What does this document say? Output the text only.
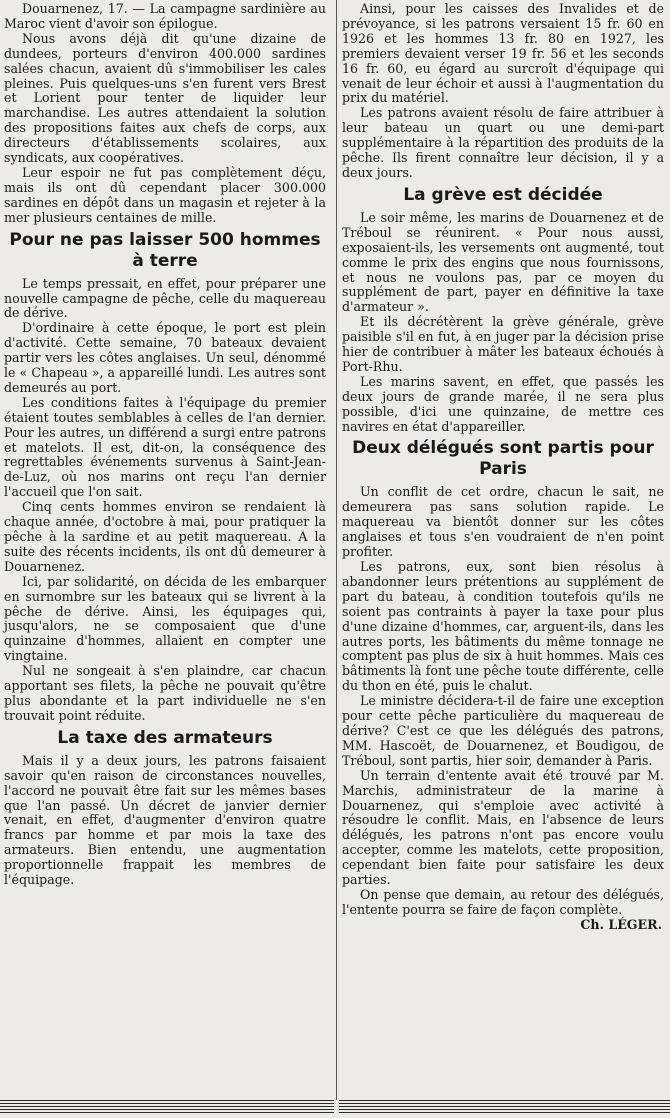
Douarnenez, 17. — La campagne sardinière au Maroc vient d'avoir son épilogue.

Nous avons déjà dit qu'une dizaine de dundees, porteurs d'environ 400.000 sardines salées chacun, avaient dû s'immobiliser les cales pleines. Puis quelques-uns s'en furent vers Brest et Lorient pour tenter de liquider leur marchandise. Les autres attendaient la solution des propositions faites aux chefs de corps, aux directeurs d'établissements scolaires, aux syndicats, aux coopératives.

Leur espoir ne fut pas complètement déçu, mais ils ont dû cependant placer 300.000 sardines en dépôt dans un magasin et rejeter à la mer plusieurs centaines de mille.

Pour ne pas laisser 500 hommes à terre

Le temps pressait, en effet, pour préparer une nouvelle campagne de pêche, celle du maquereau de dérive.

D'ordinaire à cette époque, le port est plein d'activité. Cette semaine, 70 bateaux devaient partir vers les côtes anglaises. Un seul, dénommé le « Chapeau », a appareillé lundi. Les autres sont demeurés au port.

Les conditions faites à l'équipage du premier étaient toutes semblables à celles de l'an dernier. Pour les autres, un différend a surgi entre patrons et matelots. Il est, dit-on, la conséquence des regrettables événements survenus à Saint-Jean-de-Luz, où nos marins ont reçu l'an dernier l'accueil que l'on sait.

Cinq cents hommes environ se rendaient là chaque année, d'octobre à mai, pour pratiquer la pêche à la sardine et au petit maquereau. A la suite des récents incidents, ils ont dû demeurer à Douarnenez.

Ici, par solidarité, on décida de les embarquer en surnombre sur les bateaux qui se livrent à la pêche de dérive. Ainsi, les équipages qui, jusqu'alors, ne se composaient que d'une quinzaine d'hommes, allaient en compter une vingtaine.

Nul ne songeait à s'en plaindre, car chacun apportant ses filets, la pêche ne pouvait qu'être plus abondante et la part individuelle ne s'en trouvait point réduite.

La taxe des armateurs

Mais il y a deux jours, les patrons faisaient savoir qu'en raison de circonstances nouvelles, l'accord ne pouvait être fait sur les mêmes bases que l'an passé. Un décret de janvier dernier venait, en effet, d'augmenter d'environ quatre francs par homme et par mois la taxe des armateurs. Bien entendu, une augmentation proportionnelle frappait les membres de l'équipage.

Ainsi, pour les caisses des Invalides et de prévoyance, si les patrons versaient 15 fr. 60 en 1926 et les hommes 13 fr. 80 en 1927, les premiers devaient verser 19 fr. 56 et les seconds 16 fr. 60, eu égard au surcroît d'équipage qui venait de leur échoir et aussi à l'augmentation du prix du matériel.

Les patrons avaient résolu de faire attribuer à leur bateau un quart ou une demi-part supplémentaire à la répartition des produits de la pêche. Ils firent connaître leur décision, il y a deux jours.

La grève est décidée

Le soir même, les marins de Douarnenez et de Tréboul se réunirent. « Pour nous aussi, exposaient-ils, les versements ont augmenté, tout comme le prix des engins que nous fournissons, et nous ne voulons pas, par ce moyen du supplément de part, payer en définitive la taxe d'armateur ».

Et ils décrétèrent la grève générale, grève paisible s'il en fut, à en juger par la décision prise hier de contribuer à mâter les bateaux échoués à Port-Rhu.

Les marins savent, en effet, que passés les deux jours de grande marée, il ne sera plus possible, d'ici une quinzaine, de mettre ces navires en état d'appareiller.

Deux délégués sont partis pour Paris

Un conflit de cet ordre, chacun le sait, ne demeurera pas sans solution rapide. Le maquereau va bientôt donner sur les côtes anglaises et tous s'en voudraient de n'en point profiter.

Les patrons, eux, sont bien résolus à abandonner leurs prétentions au supplément de part du bateau, à condition toutefois qu'ils ne soient pas contraints à payer la taxe pour plus d'une dizaine d'hommes, car, arguent-ils, dans les autres ports, les bâtiments du même tonnage ne comptent pas plus de six à huit hommes. Mais ces bâtiments là font une pêche toute différente, celle du thon en été, puis le chalut.

Le ministre décidera-t-il de faire une exception pour cette pêche particulière du maquereau de dérive? C'est ce que les délégués des patrons, MM. Hascoët, de Douarnenez, et Boudigou, de Tréboul, sont partis, hier soir, demander à Paris.

Un terrain d'entente avait été trouvé par M. Marchis, administrateur de la marine à Douarnenez, qui s'emploie avec activité à résoudre le conflit. Mais, en l'absence de leurs délégués, les patrons n'ont pas encore voulu accepter, comme les matelots, cette proposition, cependant bien faite pour satisfaire les deux parties.

On pense que demain, au retour des délégués, l'entente pourra se faire de façon complète.

Ch. LÉGER.
